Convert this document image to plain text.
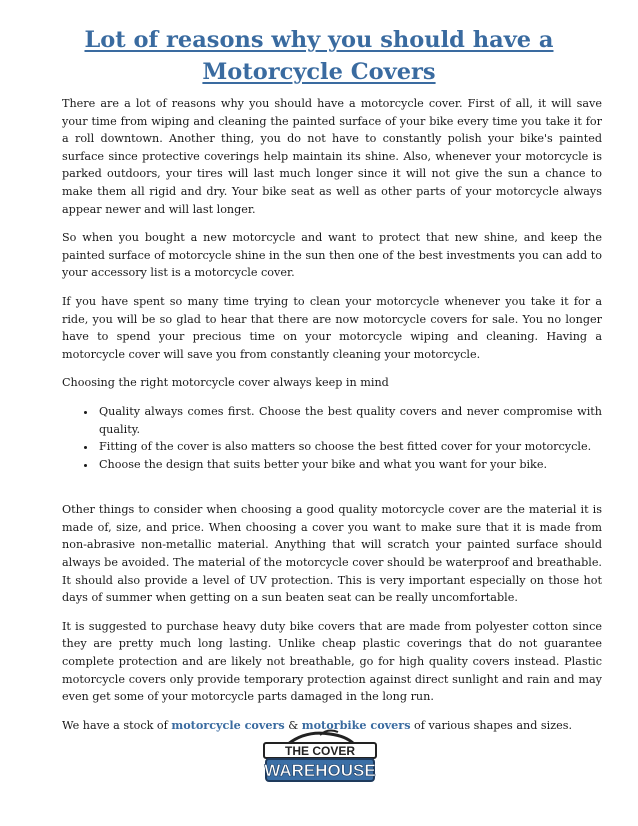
Lot of reasons why you should have a
Motorcycle Covers

There are a lot of reasons why you should have a motorcycle cover. First of all, it will save your time from wiping and cleaning the painted surface of your bike every time you take it for a roll downtown. Another thing, you do not have to constantly polish your bike's painted surface since protective coverings help maintain its shine. Also, whenever your motorcycle is parked outdoors, your tires will last much longer since it will not give the sun a chance to make them all rigid and dry. Your bike seat as well as other parts of your motorcycle always appear newer and will last longer.

So when you bought a new motorcycle and want to protect that new shine, and keep the painted surface of motorcycle shine in the sun then one of the best investments you can add to your accessory list is a motorcycle cover.

If you have spent so many time trying to clean your motorcycle whenever you take it for a ride, you will be so glad to hear that there are now motorcycle covers for sale. You no longer have to spend your precious time on your motorcycle wiping and cleaning. Having a motorcycle cover will save you from constantly cleaning your motorcycle.

Choosing the right motorcycle cover always keep in mind

• Quality always comes first. Choose the best quality covers and never compromise with quality.
• Fitting of the cover is also matters so choose the best fitted cover for your motorcycle.
• Choose the design that suits better your bike and what you want for your bike.

Other things to consider when choosing a good quality motorcycle cover are the material it is made of, size, and price. When choosing a cover you want to make sure that it is made from non-abrasive non-metallic material. Anything that will scratch your painted surface should always be avoided. The material of the motorcycle cover should be waterproof and breathable. It should also provide a level of UV protection. This is very important especially on those hot days of summer when getting on a sun beaten seat can be really uncomfortable.

It is suggested to purchase heavy duty bike covers that are made from polyester cotton since they are pretty much long lasting. Unlike cheap plastic coverings that do not guarantee complete protection and are likely not breathable, go for high quality covers instead. Plastic motorcycle covers only provide temporary protection against direct sunlight and rain and may even get some of your motorcycle parts damaged in the long run.

We have a stock of motorcycle covers & motorbike covers of various shapes and sizes.

THE COVER
WAREHOUSE
